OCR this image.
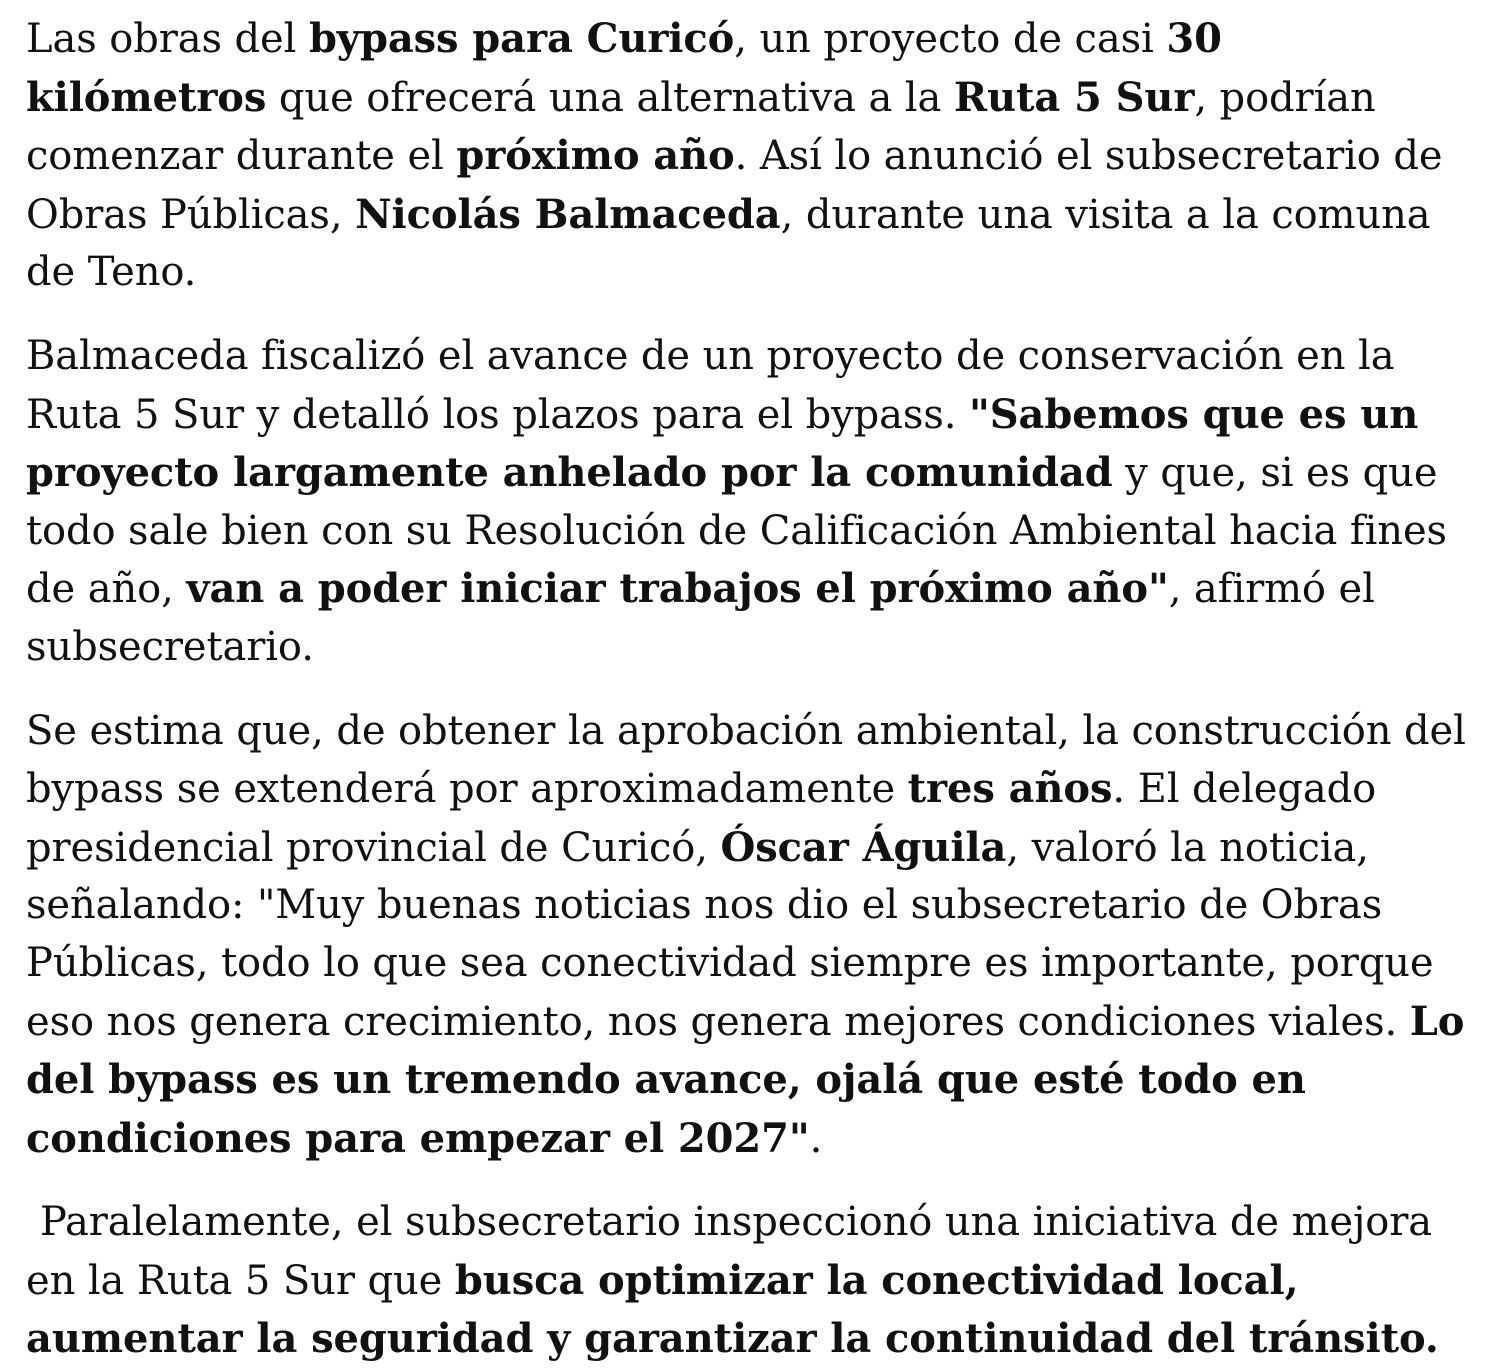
Las obras del bypass para Curicó, un proyecto de casi 30 kilómetros que ofrecerá una alternativa a la Ruta 5 Sur, podrían comenzar durante el próximo año. Así lo anunció el subsecretario de Obras Públicas, Nicolás Balmaceda, durante una visita a la comuna de Teno.

Balmaceda fiscalizó el avance de un proyecto de conservación en la Ruta 5 Sur y detalló los plazos para el bypass. "Sabemos que es un proyecto largamente anhelado por la comunidad y que, si es que todo sale bien con su Resolución de Calificación Ambiental hacia fines de año, van a poder iniciar trabajos el próximo año", afirmó el subsecretario.

Se estima que, de obtener la aprobación ambiental, la construcción del bypass se extenderá por aproximadamente tres años. El delegado presidencial provincial de Curicó, Óscar Águila, valoró la noticia, señalando: "Muy buenas noticias nos dio el subsecretario de Obras Públicas, todo lo que sea conectividad siempre es importante, porque eso nos genera crecimiento, nos genera mejores condiciones viales. Lo del bypass es un tremendo avance, ojalá que esté todo en condiciones para empezar el 2027".

Paralelamente, el subsecretario inspeccionó una iniciativa de mejora en la Ruta 5 Sur que busca optimizar la conectividad local, aumentar la seguridad y garantizar la continuidad del tránsito.
